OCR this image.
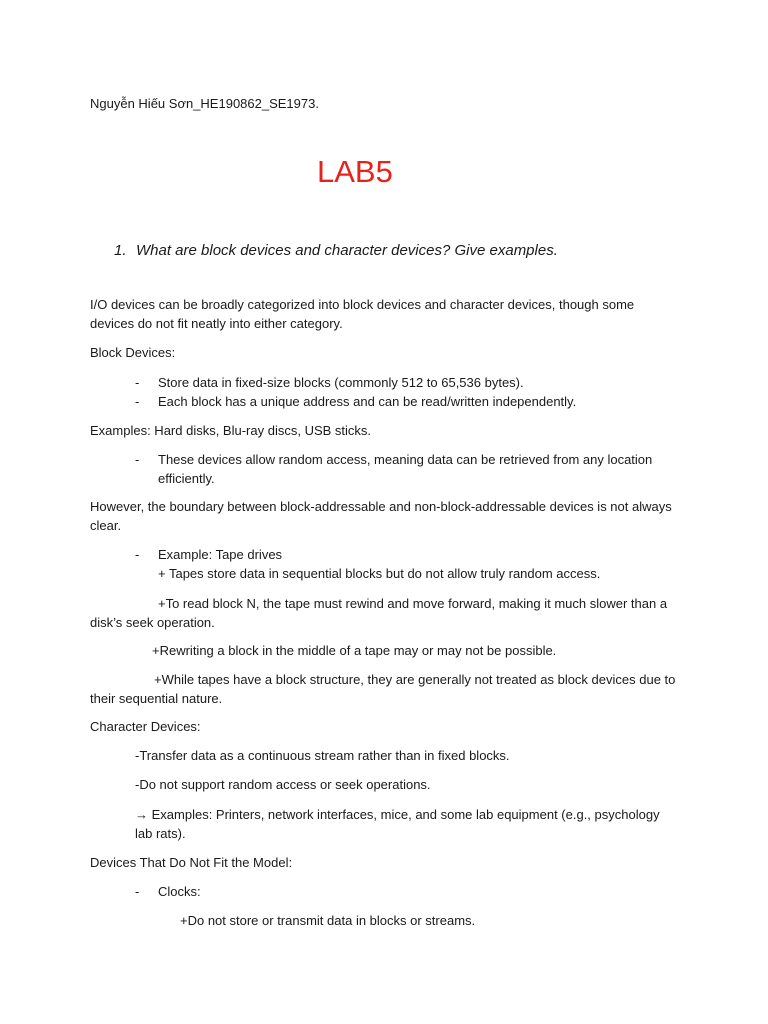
Nguyễn Hiếu Sơn_HE190862_SE1973.

LAB5
1. What are block devices and character devices? Give examples.

I/O devices can be broadly categorized into block devices and character devices, though some devices do not fit neatly into either category.

Block Devices:

-	Store data in fixed-size blocks (commonly 512 to 65,536 bytes).

-	Each block has a unique address and can be read/written independently.

Examples: Hard disks, Blu-ray discs, USB sticks.

-	These devices allow random access, meaning data can be retrieved from any location efficiently.

However, the boundary between block-addressable and non-block-addressable devices is not always clear.

-	Example: Tape drives

+ Tapes store data in sequential blocks but do not allow truly random access.

+To read block N, the tape must rewind and move forward, making it much slower than a disk’s seek operation.

+Rewriting a block in the middle of a tape may or may not be possible.

+While tapes have a block structure, they are generally not treated as block devices due to their sequential nature.

Character Devices:

-Transfer data as a continuous stream rather than in fixed blocks.

-Do not support random access or seek operations.

→ Examples: Printers, network interfaces, mice, and some lab equipment (e.g., psychology lab rats).

Devices That Do Not Fit the Model:

-	Clocks:

+Do not store or transmit data in blocks or streams.
